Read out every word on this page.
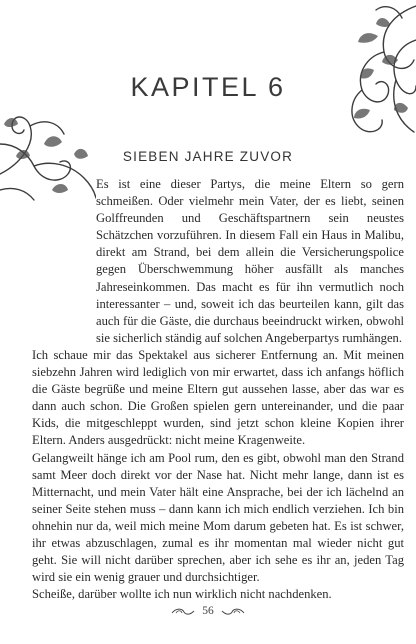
KAPITEL 6
SIEBEN JAHRE ZUVOR

Es ist eine dieser Partys, die meine Eltern so gern schmeißen. Oder vielmehr mein Vater, der es liebt, seinen Golffreunden und Geschäftspartnern sein neustes Schätzchen vorzuführen. In diesem Fall ein Haus in Malibu, direkt am Strand, bei dem allein die Versicherungspolice gegen Überschwemmung höher ausfällt als manches Jahreseinkommen. Das macht es für ihn vermutlich noch interessanter – und, soweit ich das beurteilen kann, gilt das auch für die Gäste, die durchaus beeindruckt wirken, obwohl sie sicherlich ständig auf solchen Angeberpartys rumhängen.

Ich schaue mir das Spektakel aus sicherer Entfernung an. Mit meinen siebzehn Jahren wird lediglich von mir erwartet, dass ich anfangs höflich die Gäste begrüße und meine Eltern gut aussehen lasse, aber das war es dann auch schon. Die Großen spielen gern untereinander, und die paar Kids, die mitgeschleppt wurden, sind jetzt schon kleine Kopien ihrer Eltern. Anders ausgedrückt: nicht meine Kragenweite.

Gelangweilt hänge ich am Pool rum, den es gibt, obwohl man den Strand samt Meer doch direkt vor der Nase hat. Nicht mehr lange, dann ist es Mitternacht, und mein Vater hält eine Ansprache, bei der ich lächelnd an seiner Seite stehen muss – dann kann ich mich endlich verziehen. Ich bin ohnehin nur da, weil mich meine Mom darum gebeten hat. Es ist schwer, ihr etwas abzuschlagen, zumal es ihr momentan mal wieder nicht gut geht. Sie will nicht darüber sprechen, aber ich sehe es ihr an, jeden Tag wird sie ein wenig grauer und durchsichtiger.

Scheiße, darüber wollte ich nun wirklich nicht nachdenken.

56
